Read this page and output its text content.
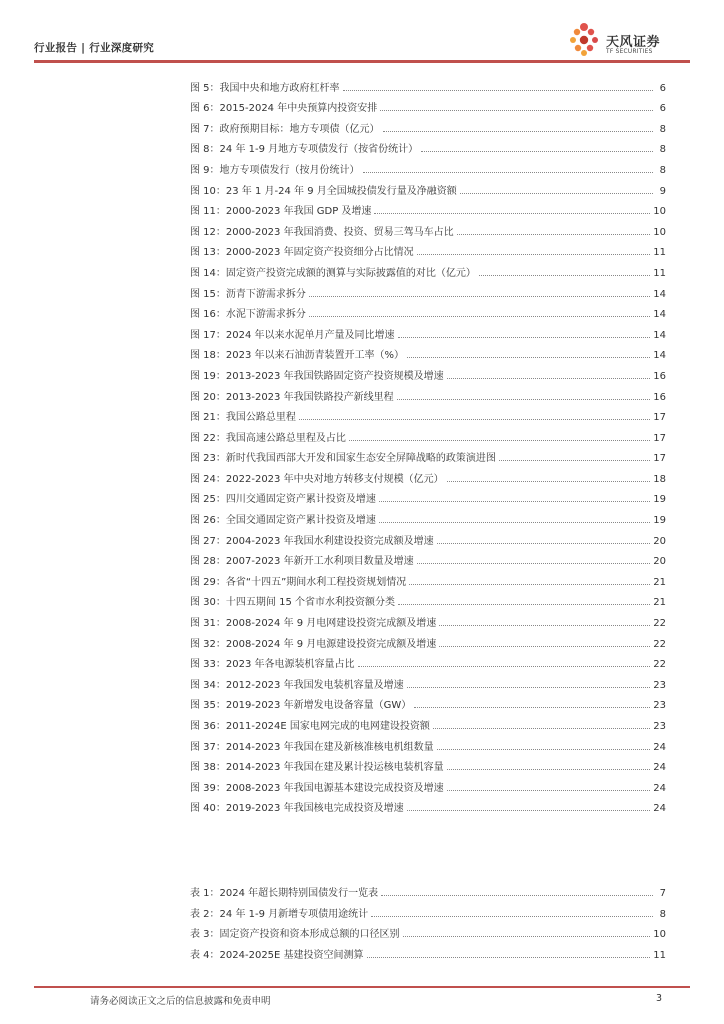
行业报告 | 行业深度研究	天风证券
TF SECURITIES
图 5：我国中央和地方政府杠杆率	6
图 6：2015-2024 年中央预算内投资安排	6
图 7：政府预期目标：地方专项债（亿元）	8
图 8：24 年 1-9 月地方专项债发行（按省份统计）	8
图 9：地方专项债发行（按月份统计）	8
图 10：23 年 1 月-24 年 9 月全国城投债发行量及净融资额	9
图 11：2000-2023 年我国 GDP 及增速	10
图 12：2000-2023 年我国消费、投资、贸易三驾马车占比	10
图 13：2000-2023 年固定资产投资细分占比情况	11
图 14：固定资产投资完成额的测算与实际披露值的对比（亿元）	11
图 15：沥青下游需求拆分	14
图 16：水泥下游需求拆分	14
图 17：2024 年以来水泥单月产量及同比增速	14
图 18：2023 年以来石油沥青装置开工率（%）	14
图 19：2013-2023 年我国铁路固定资产投资规模及增速	16
图 20：2013-2023 年我国铁路投产新线里程	16
图 21：我国公路总里程	17
图 22：我国高速公路总里程及占比	17
图 23：新时代我国西部大开发和国家生态安全屏障战略的政策演进图	17
图 24：2022-2023 年中央对地方转移支付规模（亿元）	18
图 25：四川交通固定资产累计投资及增速	19
图 26：全国交通固定资产累计投资及增速	19
图 27：2004-2023 年我国水利建设投资完成额及增速	20
图 28：2007-2023 年新开工水利项目数量及增速	20
图 29：各省“十四五”期间水利工程投资规划情况	21
图 30：十四五期间 15 个省市水利投资额分类	21
图 31：2008-2024 年 9 月电网建设投资完成额及增速	22
图 32：2008-2024 年 9 月电源建设投资完成额及增速	22
图 33：2023 年各电源装机容量占比	22
图 34：2012-2023 年我国发电装机容量及增速	23
图 35：2019-2023 年新增发电设备容量（GW）	23
图 36：2011-2024E 国家电网完成的电网建设投资额	23
图 37：2014-2023 年我国在建及新核准核电机组数量	24
图 38：2014-2023 年我国在建及累计投运核电装机容量	24
图 39：2008-2023 年我国电源基本建设完成投资及增速	24
图 40：2019-2023 年我国核电完成投资及增速	24
表 1：2024 年超长期特别国债发行一览表	7
表 2：24 年 1-9 月新增专项债用途统计	8
表 3：固定资产投资和资本形成总额的口径区别	10
表 4：2024-2025E 基建投资空间测算	11
请务必阅读正文之后的信息披露和免责申明	3
